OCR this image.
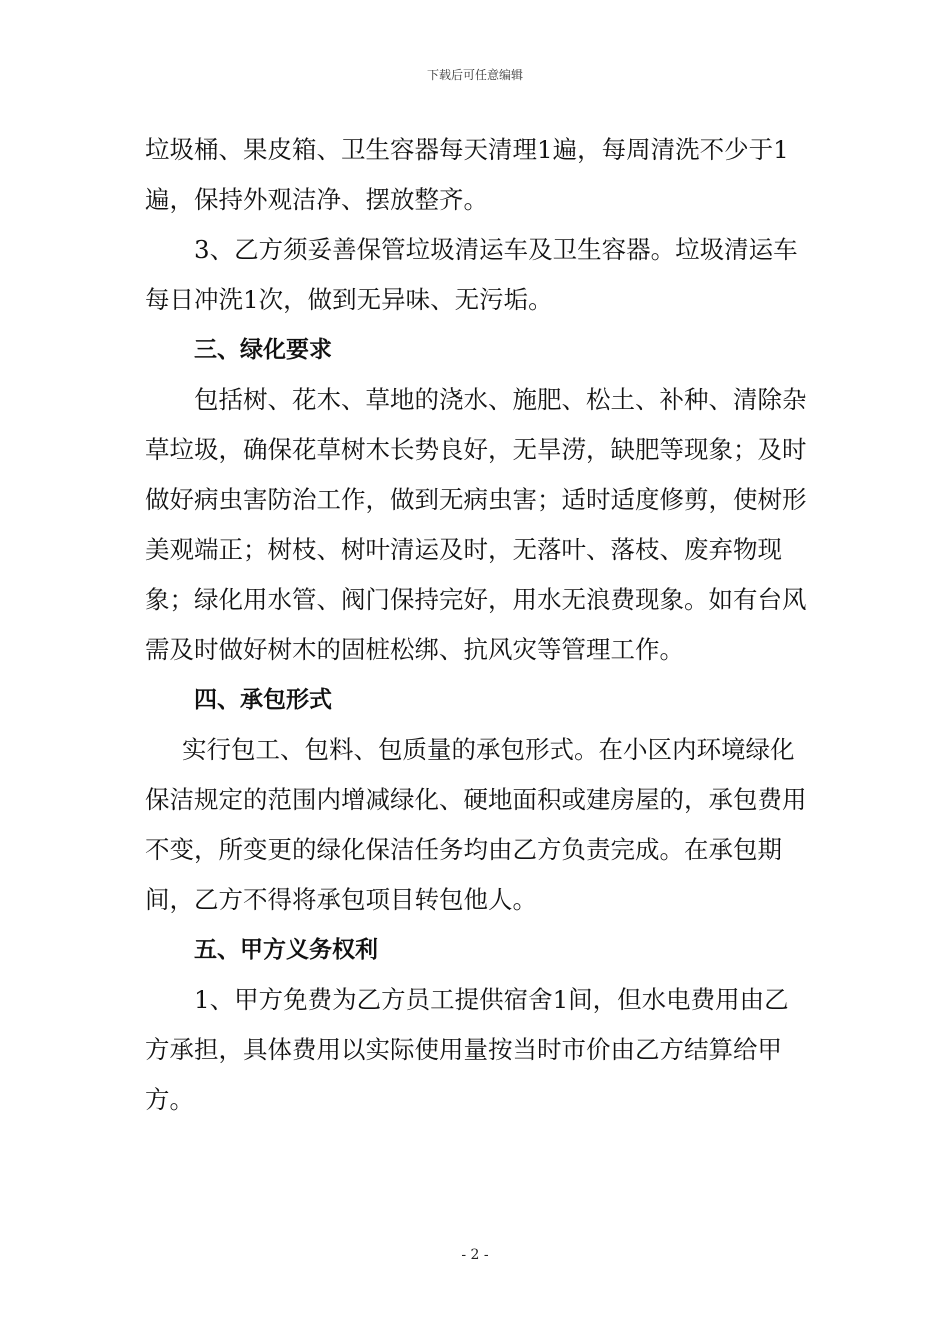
下载后可任意编辑

垃圾桶、果皮箱、卫生容器每天清理1遍，每周清洗不少于1遍，保持外观洁净、摆放整齐。

3、乙方须妥善保管垃圾清运车及卫生容器。垃圾清运车每日冲洗1次，做到无异味、无污垢。

三、绿化要求

包括树、花木、草地的浇水、施肥、松土、补种、清除杂草垃圾，确保花草树木长势良好，无旱涝，缺肥等现象；及时做好病虫害防治工作，做到无病虫害；适时适度修剪，使树形美观端正；树枝、树叶清运及时，无落叶、落枝、废弃物现象；绿化用水管、阀门保持完好，用水无浪费现象。如有台风需及时做好树木的固桩松绑、抗风灾等管理工作。

四、承包形式

实行包工、包料、包质量的承包形式。在小区内环境绿化保洁规定的范围内增减绿化、硬地面积或建房屋的，承包费用不变，所变更的绿化保洁任务均由乙方负责完成。在承包期间，乙方不得将承包项目转包他人。

五、甲方义务权利

1、甲方免费为乙方员工提供宿舍1间，但水电费用由乙方承担，具体费用以实际使用量按当时市价由乙方结算给甲方。

- 2 -
